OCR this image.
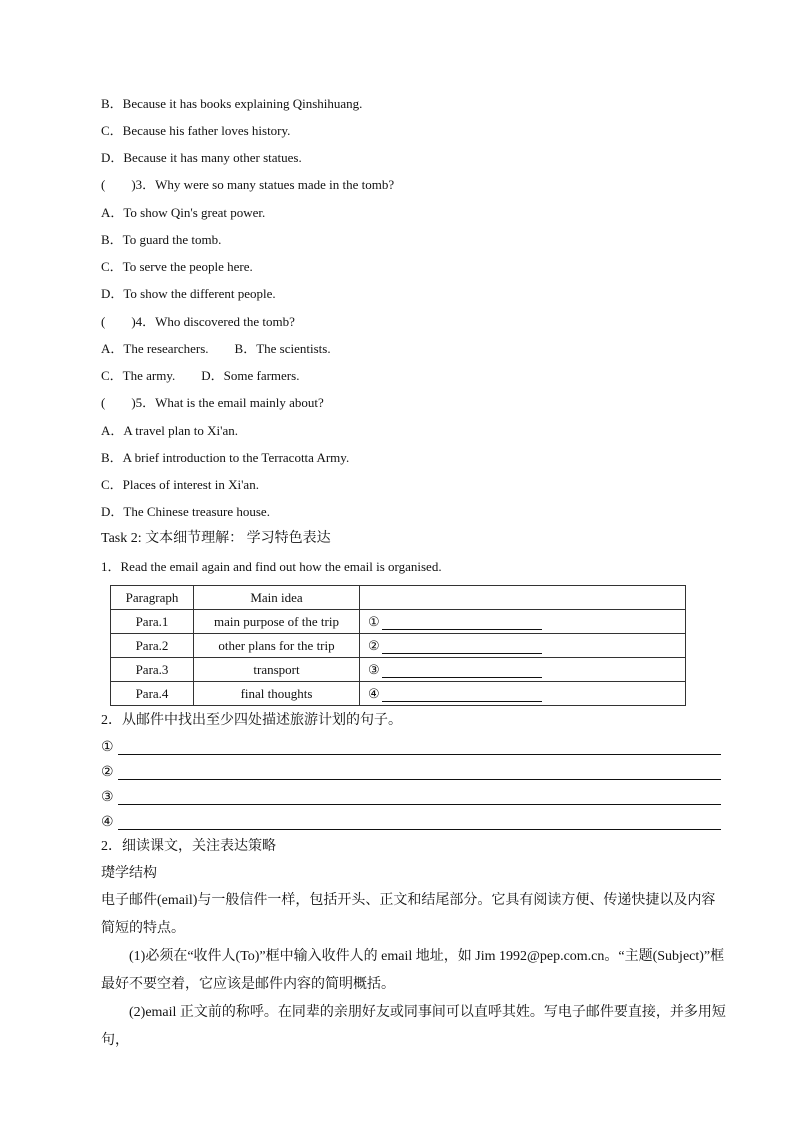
B．Because it has books explaining Qinshihuang.
C．Because his father loves history.
D．Because it has many other statues.
(　　)3．Why were so many statues made in the tomb?
A．To show Qin's great power.
B．To guard the tomb.
C．To serve the people here.
D．To show the different people.
(　　)4．Who discovered the tomb?
A．The researchers.　　B．The scientists.
C．The army.　　D．Some farmers.
(　　)5．What is the email mainly about?
A．A travel plan to Xi'an.
B．A brief introduction to the Terracotta Army.
C．Places of interest in Xi'an.
D．The Chinese treasure house.
Task 2: 文本细节理解： 学习特色表达
1．Read the email again and find out how the email is organised.
Paragraph	Main idea	
Para.1	main purpose of the trip	①
Para.2	other plans for the trip	②
Para.3	transport	③
Para.4	final thoughts	④
2．从邮件中找出至少四处描述旅游计划的句子。
①
②
③
④
2．细读课文，关注表达策略
璴学结构
电子邮件(email)与一般信件一样，包括开头、正文和结尾部分。它具有阅读方便、传递快捷以及内容简短的特点。
(1)必须在“收件人(To)”框中输入收件人的 email 地址，如 Jim 1992@pep.com.cn。“主题(Subject)”框最好不要空着，它应该是邮件内容的简明概括。
(2)email 正文前的称呼。在同辈的亲朋好友或同事间可以直呼其姓。写电子邮件要直接，并多用短句，
